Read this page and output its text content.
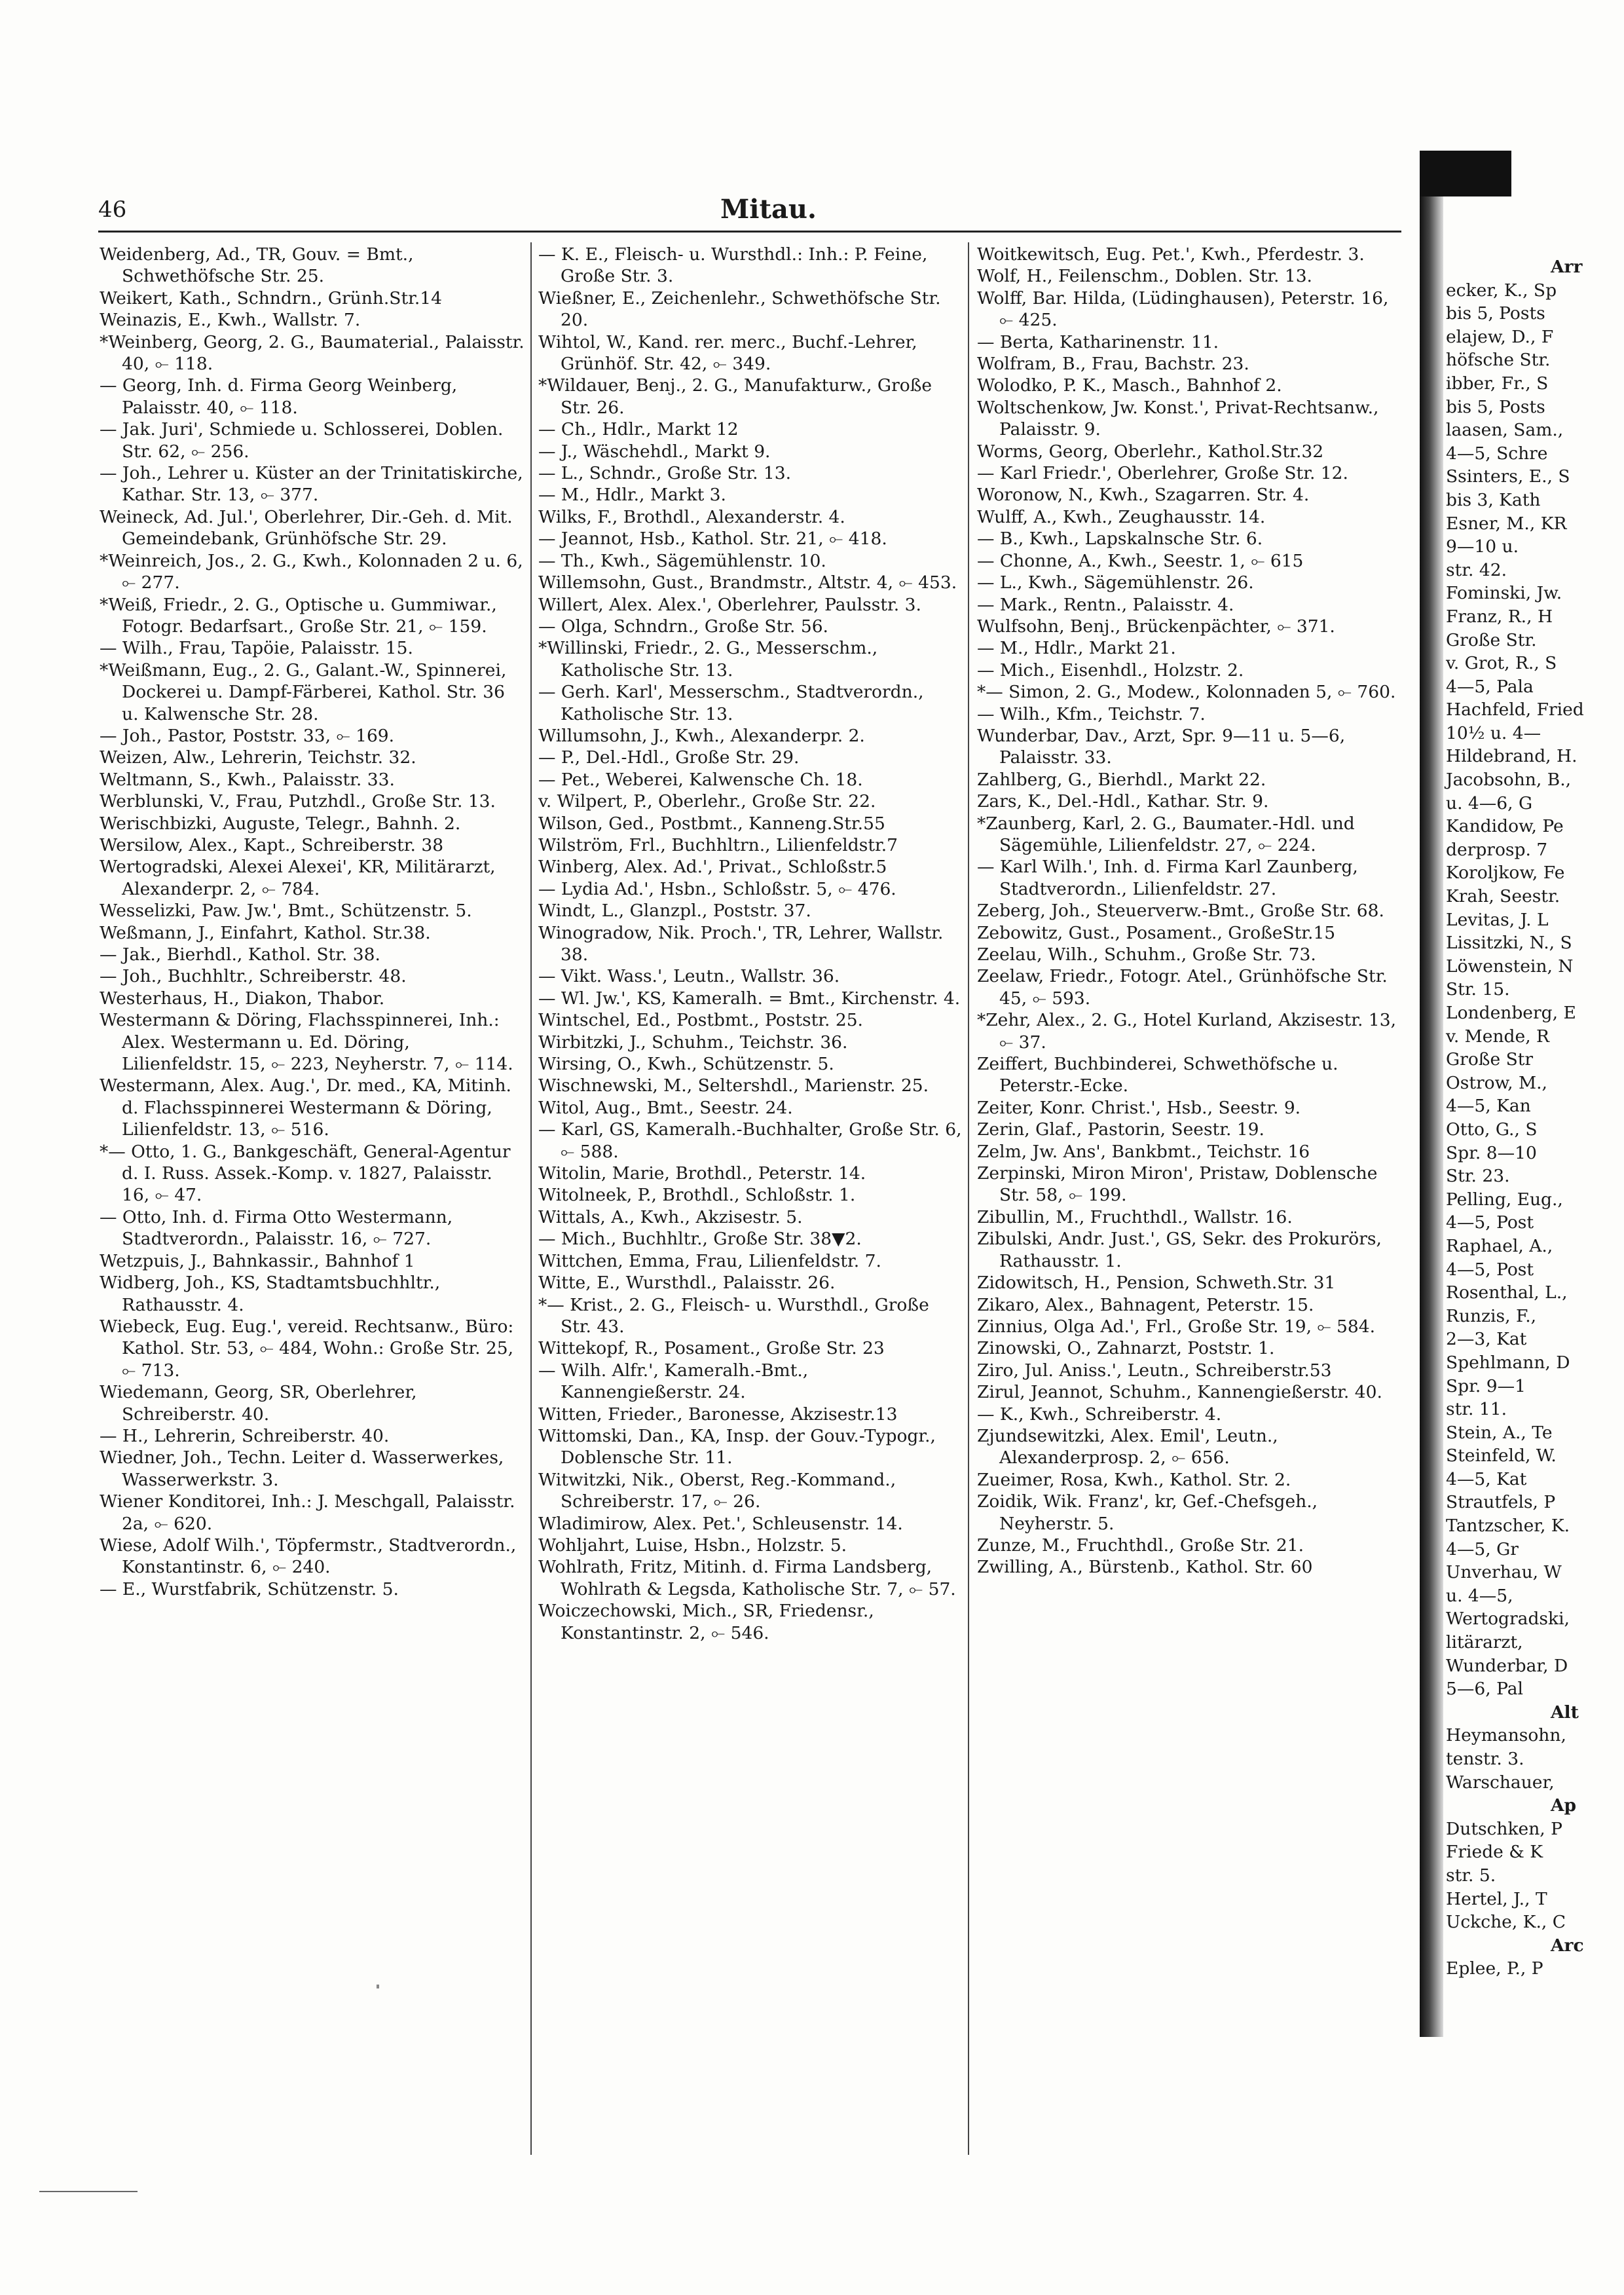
46	Mitau.

Weidenberg, Ad., TR, Gouv. = Bmt., Schwethöfsche Str. 25.

Weikert, Kath., Schndrn., Grünh.Str.14

Weinazis, E., Kwh., Wallstr. 7.

*Weinberg, Georg, 2. G., Baumaterial., Palaisstr. 40, ⟜ 118.

— Georg, Inh. d. Firma Georg Weinberg, Palaisstr. 40, ⟜ 118.

— Jak. Juri', Schmiede u. Schlosserei, Doblen. Str. 62, ⟜ 256.

— Joh., Lehrer u. Küster an der Trinitatiskirche, Kathar. Str. 13, ⟜ 377.

Weineck, Ad. Jul.', Oberlehrer, Dir.-Geh. d. Mit. Gemeindebank, Grünhöfsche Str. 29.

*Weinreich, Jos., 2. G., Kwh., Kolonnaden 2 u. 6, ⟜ 277.

*Weiß, Friedr., 2. G., Optische u. Gummiwar., Fotogr. Bedarfsart., Große Str. 21, ⟜ 159.

— Wilh., Frau, Tapöie, Palaisstr. 15.

*Weißmann, Eug., 2. G., Galant.-W., Spinnerei, Dockerei u. Dampf-Färberei, Kathol. Str. 36 u. Kalwensche Str. 28.

— Joh., Pastor, Poststr. 33, ⟜ 169.

Weizen, Alw., Lehrerin, Teichstr. 32.

Weltmann, S., Kwh., Palaisstr. 33.

Werblunski, V., Frau, Putzhdl., Große Str. 13.

Werischbizki, Auguste, Telegr., Bahnh. 2.

Wersilow, Alex., Kapt., Schreiberstr. 38

Wertogradski, Alexei Alexei', KR, Militärarzt, Alexanderpr. 2, ⟜ 784.

Wesselizki, Paw. Jw.', Bmt., Schützenstr. 5.

Weßmann, J., Einfahrt, Kathol. Str.38.

— Jak., Bierhdl., Kathol. Str. 38.

— Joh., Buchhltr., Schreiberstr. 48.

Westerhaus, H., Diakon, Thabor.

Westermann & Döring, Flachsspinnerei, Inh.: Alex. Westermann u. Ed. Döring, Lilienfeldstr. 15, ⟜ 223, Neyherstr. 7, ⟜ 114.

Westermann, Alex. Aug.', Dr. med., KA, Mitinh. d. Flachsspinnerei Westermann & Döring, Lilienfeldstr. 13, ⟜ 516.

*— Otto, 1. G., Bankgeschäft, General-Agentur d. I. Russ. Assek.-Komp. v. 1827, Palaisstr. 16, ⟜ 47.

— Otto, Inh. d. Firma Otto Westermann, Stadtverordn., Palaisstr. 16, ⟜ 727.

Wetzpuis, J., Bahnkassir., Bahnhof 1

Widberg, Joh., KS, Stadtamtsbuchhltr., Rathausstr. 4.

Wiebeck, Eug. Eug.', vereid. Rechtsanw., Büro: Kathol. Str. 53, ⟜ 484, Wohn.: Große Str. 25, ⟜ 713.

Wiedemann, Georg, SR, Oberlehrer, Schreiberstr. 40.

— H., Lehrerin, Schreiberstr. 40.

Wiedner, Joh., Techn. Leiter d. Wasserwerkes, Wasserwerkstr. 3.

Wiener Konditorei, Inh.: J. Meschgall, Palaisstr. 2a, ⟜ 620.

Wiese, Adolf Wilh.', Töpfermstr., Stadtverordn., Konstantinstr. 6, ⟜ 240.

— E., Wurstfabrik, Schützenstr. 5.

— K. E., Fleisch- u. Wursthdl.: Inh.: P. Feine, Große Str. 3.

Wießner, E., Zeichenlehr., Schwethöfsche Str. 20.

Wihtol, W., Kand. rer. merc., Buchf.-Lehrer, Grünhöf. Str. 42, ⟜ 349.

*Wildauer, Benj., 2. G., Manufakturw., Große Str. 26.

— Ch., Hdlr., Markt 12

— J., Wäschehdl., Markt 9.

— L., Schndr., Große Str. 13.

— M., Hdlr., Markt 3.

Wilks, F., Brothdl., Alexanderstr. 4.

— Jeannot, Hsb., Kathol. Str. 21, ⟜ 418.

— Th., Kwh., Sägemühlenstr. 10.

Willemsohn, Gust., Brandmstr., Altstr. 4, ⟜ 453.

Willert, Alex. Alex.', Oberlehrer, Paulsstr. 3.

— Olga, Schndrn., Große Str. 56.

*Willinski, Friedr., 2. G., Messerschm., Katholische Str. 13.

— Gerh. Karl', Messerschm., Stadtverordn., Katholische Str. 13.

Willumsohn, J., Kwh., Alexanderpr. 2.

— P., Del.-Hdl., Große Str. 29.

— Pet., Weberei, Kalwensche Ch. 18.

v. Wilpert, P., Oberlehr., Große Str. 22.

Wilson, Ged., Postbmt., Kanneng.Str.55

Wilström, Frl., Buchhltrn., Lilienfeldstr.7

Winberg, Alex. Ad.', Privat., Schloßstr.5

— Lydia Ad.', Hsbn., Schloßstr. 5, ⟜ 476.

Windt, L., Glanzpl., Poststr. 37.

Winogradow, Nik. Proch.', TR, Lehrer, Wallstr. 38.

— Vikt. Wass.', Leutn., Wallstr. 36.

— Wl. Jw.', KS, Kameralh. = Bmt., Kirchenstr. 4.

Wintschel, Ed., Postbmt., Poststr. 25.

Wirbitzki, J., Schuhm., Teichstr. 36.

Wirsing, O., Kwh., Schützenstr. 5.

Wischnewski, M., Seltershdl., Marienstr. 25.

Witol, Aug., Bmt., Seestr. 24.

— Karl, GS, Kameralh.-Buchhalter, Große Str. 6, ⟜ 588.

Witolin, Marie, Brothdl., Peterstr. 14.

Witolneek, P., Brothdl., Schloßstr. 1.

Wittals, A., Kwh., Akzisestr. 5.

— Mich., Buchhltr., Große Str. 38▼2.

Wittchen, Emma, Frau, Lilienfeldstr. 7.

Witte, E., Wursthdl., Palaisstr. 26.

*— Krist., 2. G., Fleisch- u. Wursthdl., Große Str. 43.

Wittekopf, R., Posament., Große Str. 23

— Wilh. Alfr.', Kameralh.-Bmt., Kannengießerstr. 24.

Witten, Frieder., Baronesse, Akzisestr.13

Wittomski, Dan., KA, Insp. der Gouv.-Typogr., Doblensche Str. 11.

Witwitzki, Nik., Oberst, Reg.-Kommand., Schreiberstr. 17, ⟜ 26.

Wladimirow, Alex. Pet.', Schleusenstr. 14.

Wohljahrt, Luise, Hsbn., Holzstr. 5.

Wohlrath, Fritz, Mitinh. d. Firma Landsberg, Wohlrath & Legsda, Katholische Str. 7, ⟜ 57.

Woiczechowski, Mich., SR, Friedensr., Konstantinstr. 2, ⟜ 546.

Woitkewitsch, Eug. Pet.', Kwh., Pferdestr. 3.

Wolf, H., Feilenschm., Doblen. Str. 13.

Wolff, Bar. Hilda, (Lüdinghausen), Peterstr. 16, ⟜ 425.

— Berta, Katharinenstr. 11.

Wolfram, B., Frau, Bachstr. 23.

Wolodko, P. K., Masch., Bahnhof 2.

Woltschenkow, Jw. Konst.', Privat-Rechtsanw., Palaisstr. 9.

Worms, Georg, Oberlehr., Kathol.Str.32

— Karl Friedr.', Oberlehrer, Große Str. 12.

Woronow, N., Kwh., Szagarren. Str. 4.

Wulff, A., Kwh., Zeughausstr. 14.

— B., Kwh., Lapskalnsche Str. 6.

— Chonne, A., Kwh., Seestr. 1, ⟜ 615

— L., Kwh., Sägemühlenstr. 26.

— Mark., Rentn., Palaisstr. 4.

Wulfsohn, Benj., Brückenpächter, ⟜ 371.

— M., Hdlr., Markt 21.

— Mich., Eisenhdl., Holzstr. 2.

*— Simon, 2. G., Modew., Kolonnaden 5, ⟜ 760.

— Wilh., Kfm., Teichstr. 7.

Wunderbar, Dav., Arzt, Spr. 9—11 u. 5—6, Palaisstr. 33.

Zahlberg, G., Bierhdl., Markt 22.

Zars, K., Del.-Hdl., Kathar. Str. 9.

*Zaunberg, Karl, 2. G., Baumater.-Hdl. und Sägemühle, Lilienfeldstr. 27, ⟜ 224.

— Karl Wilh.', Inh. d. Firma Karl Zaunberg, Stadtverordn., Lilienfeldstr. 27.

Zeberg, Joh., Steuerverw.-Bmt., Große Str. 68.

Zebowitz, Gust., Posament., GroßeStr.15

Zeelau, Wilh., Schuhm., Große Str. 73.

Zeelaw, Friedr., Fotogr. Atel., Grünhöfsche Str. 45, ⟜ 593.

*Zehr, Alex., 2. G., Hotel Kurland, Akzisestr. 13, ⟜ 37.

Zeiffert, Buchbinderei, Schwethöfsche u. Peterstr.-Ecke.

Zeiter, Konr. Christ.', Hsb., Seestr. 9.

Zerin, Glaf., Pastorin, Seestr. 19.

Zelm, Jw. Ans', Bankbmt., Teichstr. 16

Zerpinski, Miron Miron', Pristaw, Doblensche Str. 58, ⟜ 199.

Zibullin, M., Fruchthdl., Wallstr. 16.

Zibulski, Andr. Just.', GS, Sekr. des Prokurörs, Rathausstr. 1.

Zidowitsch, H., Pension, Schweth.Str. 31

Zikaro, Alex., Bahnagent, Peterstr. 15.

Zinnius, Olga Ad.', Frl., Große Str. 19, ⟜ 584.

Zinowski, O., Zahnarzt, Poststr. 1.

Ziro, Jul. Aniss.', Leutn., Schreiberstr.53

Zirul, Jeannot, Schuhm., Kannengießerstr. 40.

— K., Kwh., Schreiberstr. 4.

Zjundsewitzki, Alex. Emil', Leutn., Alexanderprosp. 2, ⟜ 656.

Zueimer, Rosa, Kwh., Kathol. Str. 2.

Zoidik, Wik. Franz', kr, Gef.-Chefsgeh., Neyherstr. 5.

Zunze, M., Fruchthdl., Große Str. 21.

Zwilling, A., Bürstenb., Kathol. Str. 60

Arr

ecker, K., Sp

bis 5, Posts

elajew, D., F

höfsche Str.

ibber, Fr., S

bis 5, Posts

laasen, Sam.,

4—5, Schre

Ssinters, E., S

bis 3, Kath

Esner, M., KR

9—10 u.

str. 42.

Fominski, Jw.

Franz, R., H

Große Str.

v. Grot, R., S

4—5, Pala

Hachfeld, Fried

10½ u. 4—

Hildebrand, H.

Jacobsohn, B.,

u. 4—6, G

Kandidow, Pe

derprosp. 7

Koroljkow, Fe

Krah, Seestr.

Levitas, J. L

Lissitzki, N., S

Löwenstein, N

Str. 15.

Londenberg, E

v. Mende, R

Große Str

Ostrow, M.,

4—5, Kan

Otto, G., S

Spr. 8—10

Str. 23.

Pelling, Eug.,

4—5, Post

Raphael, A.,

4—5, Post

Rosenthal, L.,

Runzis, F.,

2—3, Kat

Spehlmann, D

Spr. 9—1

str. 11.

Stein, A., Te

Steinfeld, W.

4—5, Kat

Strautfels, P

Tantzscher, K.

4—5, Gr

Unverhau, W

u. 4—5,

Wertogradski,

litärarzt,

Wunderbar, D

5—6, Pal

Alt

Heymansohn,

tenstr. 3.

Warschauer,

Ap

Dutschken, P

Friede & K

str. 5.

Hertel, J., T

Uckche, K., C

Arc

Eplee, P., P
